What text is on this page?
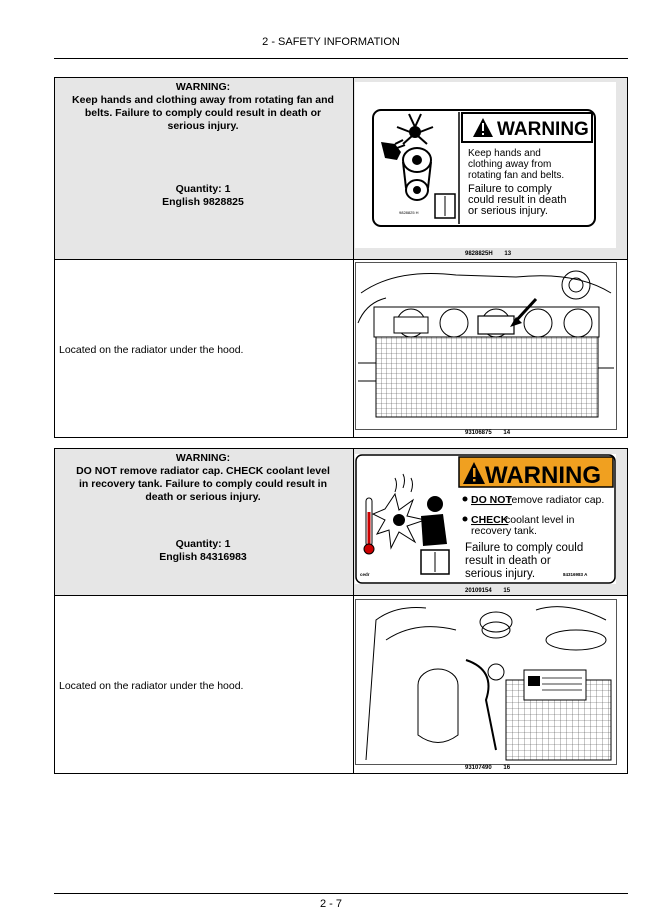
2 - SAFETY INFORMATION
WARNING:
Keep hands and clothing away from rotating fan and
belts. Failure to comply could result in death or
serious injury.
Quantity: 1
English 9828825
WARNING
Keep hands and
clothing away from
rotating fan and belts.
Failure to comply
could result in death
or serious injury.
9828825 H
9828825H 13
Located on the radiator under the hood.
93106875 14
WARNING:
DO NOT remove radiator cap. CHECK coolant level
in recovery tank. Failure to comply could result in
death or serious injury.
Quantity: 1
English 84316983
WARNING
DO NOT
remove radiator cap.
CHECK
coolant level in
recovery tank.
Failure to comply could
result in death or
serious injury.	84316983 A
cedr
20109154 15
Located on the radiator under the hood.
93107490 16
2 - 7
